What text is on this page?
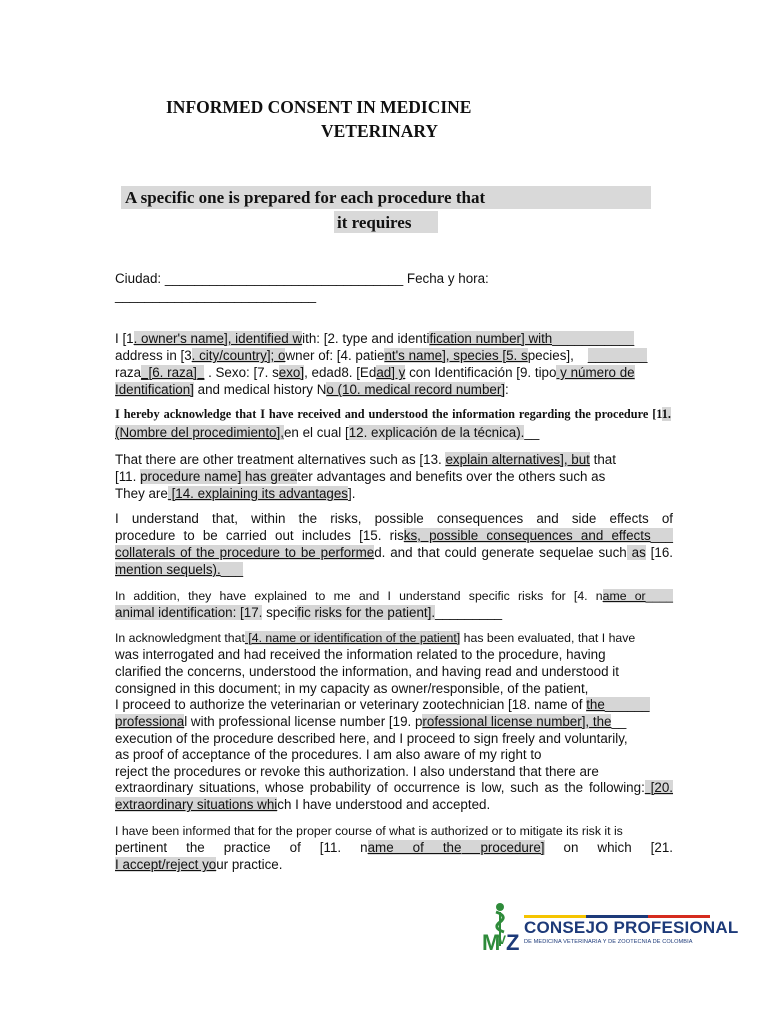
INFORMED CONSENT IN MEDICINE
VETERINARY
A specific one is prepared for each procedure that
it requires
Ciudad: ________________________________ Fecha y hora:
___________________________
I [1. owner's name], identified with: [2. type and identification number] with___________
address in [3. city/country]; owner of: [4. patient's name], species [5. species], ________
raza_[6. raza]_ . Sexo: [7. sexo], edad8. [Edad] y con Identificación [9. tipo y número de
Identification] and medical history No (10. medical record number]:
I hereby acknowledge that I have received and understood the information regarding the procedure [11.
(Nombre del procedimiento],en el cual [12. explicación de la técnica).__
That there are other treatment alternatives such as [13. explain alternatives], but that
[11. procedure name] has greater advantages and benefits over the others such as
They are [14. explaining its advantages].
I understand that, within the risks, possible consequences and side effects of
procedure to be carried out includes [15. risks, possible consequences and effects___
collaterals of the procedure to be performed. and that could generate sequelae such as [16.
mention sequels).___
In addition, they have explained to me and I understand specific risks for [4. name or____
animal identification: [17. specific risks for the patient]._________
In acknowledgment that [4. name or identification of the patient] has been evaluated, that I have
was interrogated and had received the information related to the procedure, having
clarified the concerns, understood the information, and having read and understood it
consigned in this document; in my capacity as owner/responsible, of the patient,
I proceed to authorize the veterinarian or veterinary zootechnician [18. name of the______
professional with professional license number [19. professional license number], the__
execution of the procedure described here, and I proceed to sign freely and voluntarily,
as proof of acceptance of the procedures. I am also aware of my right to
reject the procedures or revoke this authorization. I also understand that there are
extraordinary situations, whose probability of occurrence is low, such as the following: [20.
extraordinary situations which I have understood and accepted.
I have been informed that for the proper course of what is authorized or to mitigate its risk it is
pertinent the practice of [11. name of the procedure] on which [21.
I accept/reject your practice.
M Z
V
CONSEJO PROFESIONAL
DE MEDICINA VETERINARIA Y DE ZOOTECNIA DE COLOMBIA
